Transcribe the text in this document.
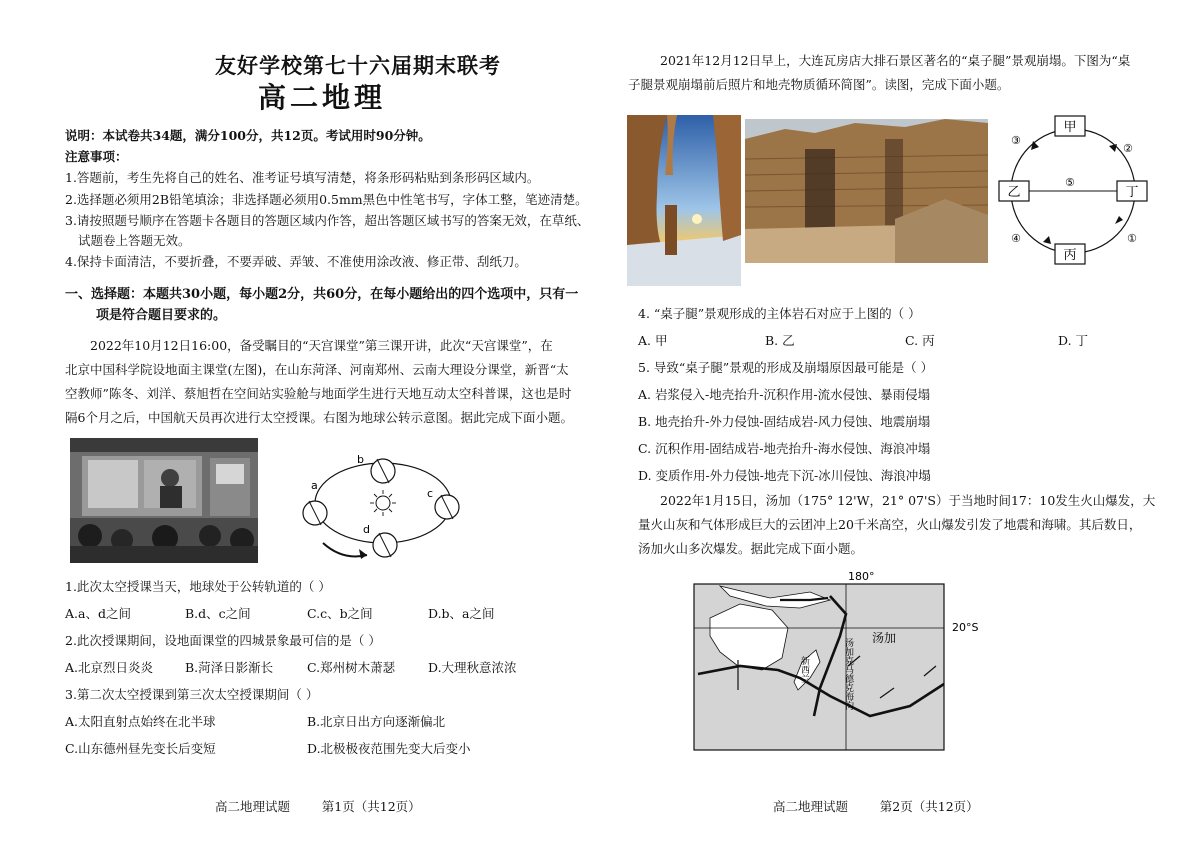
友好学校第七十六届期末联考
高二地理
说明：本试卷共34题，满分100分，共12页。考试用时90分钟。
注意事项：
1.答题前，考生先将自己的姓名、准考证号填写清楚，将条形码粘贴到条形码区域内。
2.选择题必须用2B铅笔填涂；非选择题必须用0.5mm黑色中性笔书写，字体工整，笔迹清楚。
3.请按照题号顺序在答题卡各题目的答题区域内作答，超出答题区域书写的答案无效，在草纸、
试题卷上答题无效。
4.保持卡面清洁，不要折叠，不要弄破、弄皱、不准使用涂改液、修正带、刮纸刀。
一、选择题：本题共30小题，每小题2分，共60分，在每小题给出的四个选项中，只有一
项是符合题目要求的。
2022年10月12日16:00，备受瞩目的“天宫课堂”第三课开讲，此次“天宫课堂”，在
北京中国科学院设地面主课堂(左图)，在山东菏泽、河南郑州、云南大理设分课堂，新晋“太
空教师”陈冬、刘洋、蔡旭哲在空间站实验舱与地面学生进行天地互动太空科普课，这也是时
隔6个月之后，中国航天员再次进行太空授课。右图为地球公转示意图。据此完成下面小题。
a
b
c
d
1.此次太空授课当天，地球处于公转轨道的（ ）
A.a、d之间	B.d、c之间	C.c、b之间	D.b、a之间
2.此次授课期间，设地面课堂的四城景象最可信的是（ ）
A.北京烈日炎炎	B.菏泽日影渐长	C.郑州树木萧瑟	D.大理秋意浓浓
3.第二次太空授课到第三次太空授课期间（ ）
A.太阳直射点始终在北半球	B.北京日出方向逐渐偏北
C.山东德州昼先变长后变短	D.北极极夜范围先变大后变小
高二地理试题        第1页（共12页）
2021年12月12日早上，大连瓦房店大排石景区著名的“桌子腿”景观崩塌。下图为“桌
子腿景观崩塌前后照片和地壳物质循环简图”。读图，完成下面小题。
甲
乙	丁
丙
③
②
⑤
④	①
4. “桌子腿”景观形成的主体岩石对应于上图的（ ）
A. 甲	B. 乙	C. 丙	D. 丁
5. 导致“桌子腿”景观的形成及崩塌原因最可能是（ ）
A. 岩浆侵入-地壳抬升-沉积作用-流水侵蚀、暴雨侵塌
B. 地壳抬升-外力侵蚀-固结成岩-风力侵蚀、地震崩塌
C. 沉积作用-固结成岩-地壳抬升-海水侵蚀、海浪冲塌
D. 变质作用-外力侵蚀-地壳下沉-冰川侵蚀、海浪冲塌
2022年1月15日，汤加（175° 12'W，21° 07'S）于当地时间17：10发生火山爆发，大
量火山灰和气体形成巨大的云团冲上20千米高空，火山爆发引发了地震和海啸。其后数日，
汤加火山多次爆发。据此完成下面小题。
180°
20°S
汤加
汤加克马德克海沟
新西兰
高二地理试题        第2页（共12页）
